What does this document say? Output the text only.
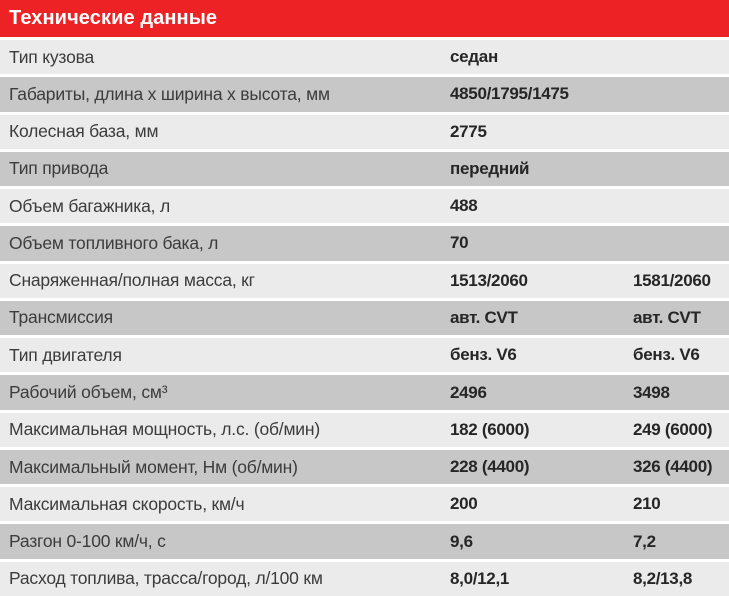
Технические данные
Тип кузова	седан
Габариты, длина х ширина х высота, мм	4850/1795/1475
Колесная база, мм	2775
Тип привода	передний
Объем багажника, л	488
Объем топливного бака, л	70
Снаряженная/полная масса, кг	1513/2060	1581/2060
Трансмиссия	авт. CVT	авт. CVT
Тип двигателя	бенз. V6	бенз. V6
Рабочий объем, см³	2496	3498
Максимальная мощность, л.с. (об/мин)	182 (6000)	249 (6000)
Максимальный момент, Нм (об/мин)	228 (4400)	326 (4400)
Максимальная скорость, км/ч	200	210
Разгон 0-100 км/ч, с	9,6	7,2
Расход топлива, трасса/город, л/100 км	8,0/12,1	8,2/13,8
